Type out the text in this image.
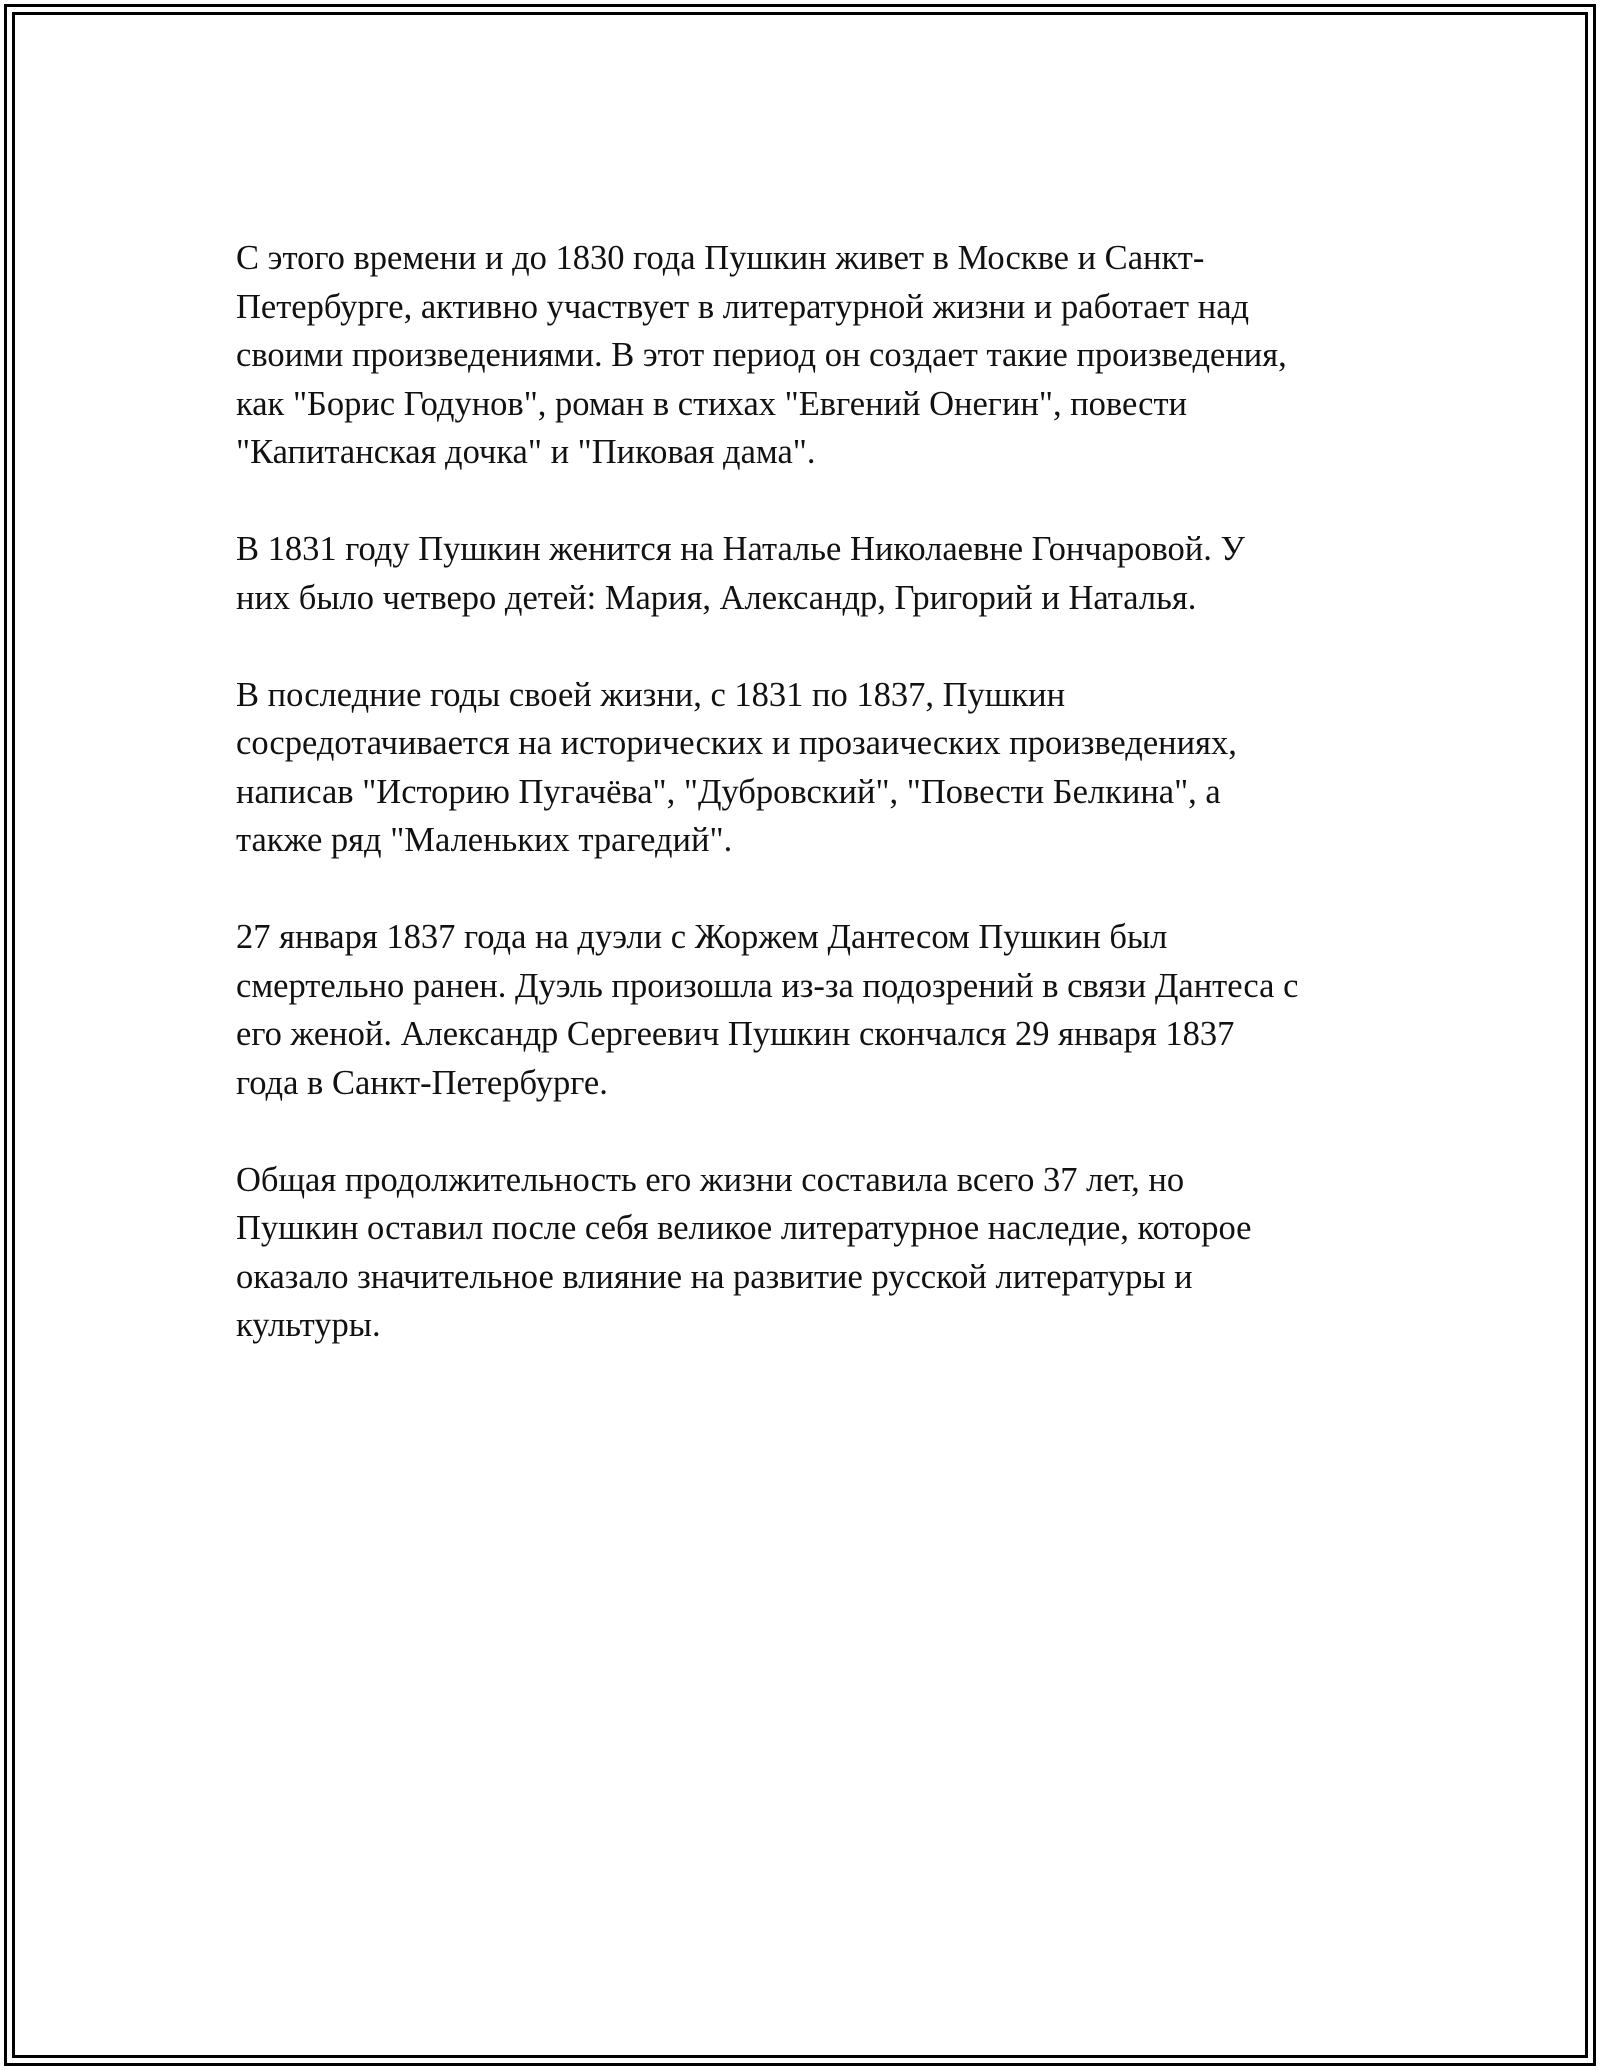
С этого времени и до 1830 года Пушкин живет в Москве и Санкт-
Петербурге, активно участвует в литературной жизни и работает над
своими произведениями. В этот период он создает такие произведения,
как "Борис Годунов", роман в стихах "Евгений Онегин", повести
"Капитанская дочка" и "Пиковая дама".

В 1831 году Пушкин женится на Наталье Николаевне Гончаровой. У
них было четверо детей: Мария, Александр, Григорий и Наталья.

В последние годы своей жизни, с 1831 по 1837, Пушкин
сосредотачивается на исторических и прозаических произведениях,
написав "Историю Пугачёва", "Дубровский", "Повести Белкина", а
также ряд "Маленьких трагедий".

27 января 1837 года на дуэли с Жоржем Дантесом Пушкин был
смертельно ранен. Дуэль произошла из-за подозрений в связи Дантеса с
его женой. Александр Сергеевич Пушкин скончался 29 января 1837
года в Санкт-Петербурге.

Общая продолжительность его жизни составила всего 37 лет, но
Пушкин оставил после себя великое литературное наследие, которое
оказало значительное влияние на развитие русской литературы и
культуры.
